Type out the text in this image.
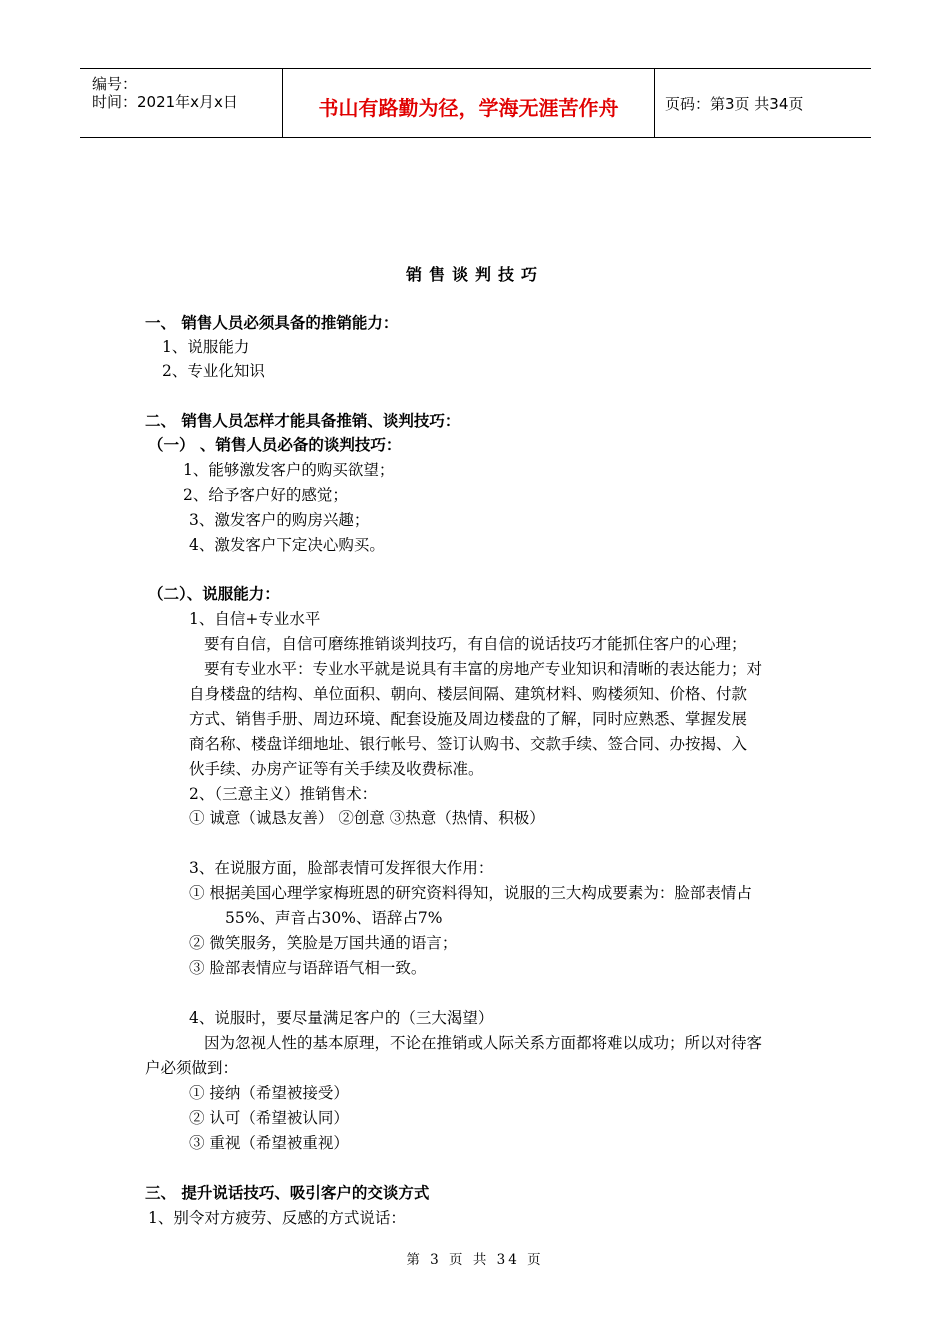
编号：
时间：2021年x月x日	书山有路勤为径，学海无涯苦作舟	页码：第3页 共34页
销售谈判技巧
一、 销售人员必须具备的推销能力：
1、说服能力
2、专业化知识
二、 销售人员怎样才能具备推销、谈判技巧：
（一） 、销售人员必备的谈判技巧：
1、能够激发客户的购买欲望；
2、给予客户好的感觉；
3、激发客户的购房兴趣；
4、激发客户下定决心购买。
（二）、说服能力：
1、自信+专业水平
要有自信，自信可磨练推销谈判技巧，有自信的说话技巧才能抓住客户的心理；
要有专业水平：专业水平就是说具有丰富的房地产专业知识和清晰的表达能力；对
自身楼盘的结构、单位面积、朝向、楼层间隔、建筑材料、购楼须知、价格、付款
方式、销售手册、周边环境、配套设施及周边楼盘的了解，同时应熟悉、掌握发展
商名称、楼盘详细地址、银行帐号、签订认购书、交款手续、签合同、办按揭、入
伙手续、办房产证等有关手续及收费标准。
2、（三意主义）推销售术：
① 诚意（诚恳友善） ②创意 ③热意（热情、积极）
3、在说服方面，脸部表情可发挥很大作用：
① 根据美国心理学家梅班恩的研究资料得知，说服的三大构成要素为：脸部表情占
55%、声音占30%、语辞占7%
② 微笑服务，笑脸是万国共通的语言；
③ 脸部表情应与语辞语气相一致。
4、说服时，要尽量满足客户的（三大渴望）
因为忽视人性的基本原理，不论在推销或人际关系方面都将难以成功；所以对待客
户必须做到：
① 接纳（希望被接受）
② 认可（希望被认同）
③ 重视（希望被重视）
三、 提升说话技巧、吸引客户的交谈方式
1、别令对方疲劳、反感的方式说话：
第 3 页 共 34 页
